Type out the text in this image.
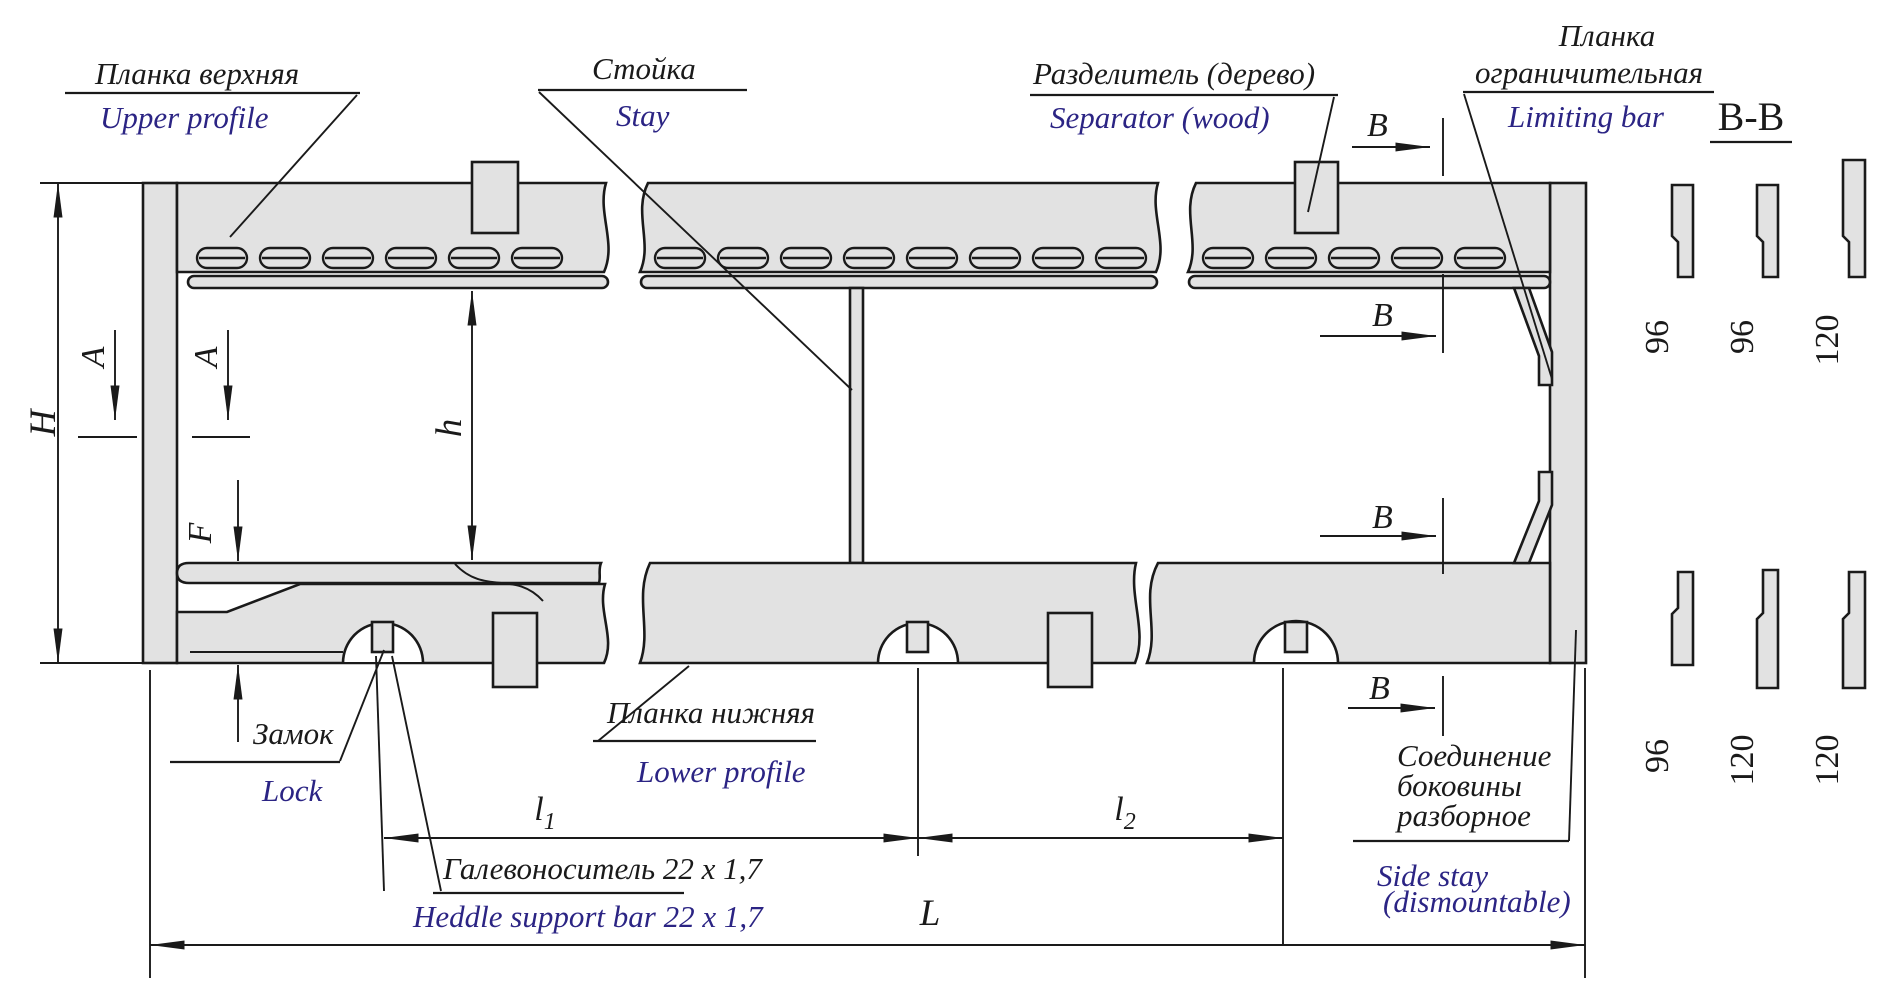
H
A A
F
h
B
B
B
B
$l_1$	$l_2$
L
Планка верхняя
Upper profile
Стойка
Stay
Разделитель (дерево)
Separator (wood)
Планка
ограничительная
Limiting bar
Замок
Lock
Планка нижняя
Lower profile
Галевоноситель 22 х 1,7
Heddle support bar 22 x 1,7
Соединение
боковины
разборное
Side stay
(dismountable)
B-B
96 96 120
96 120 120
